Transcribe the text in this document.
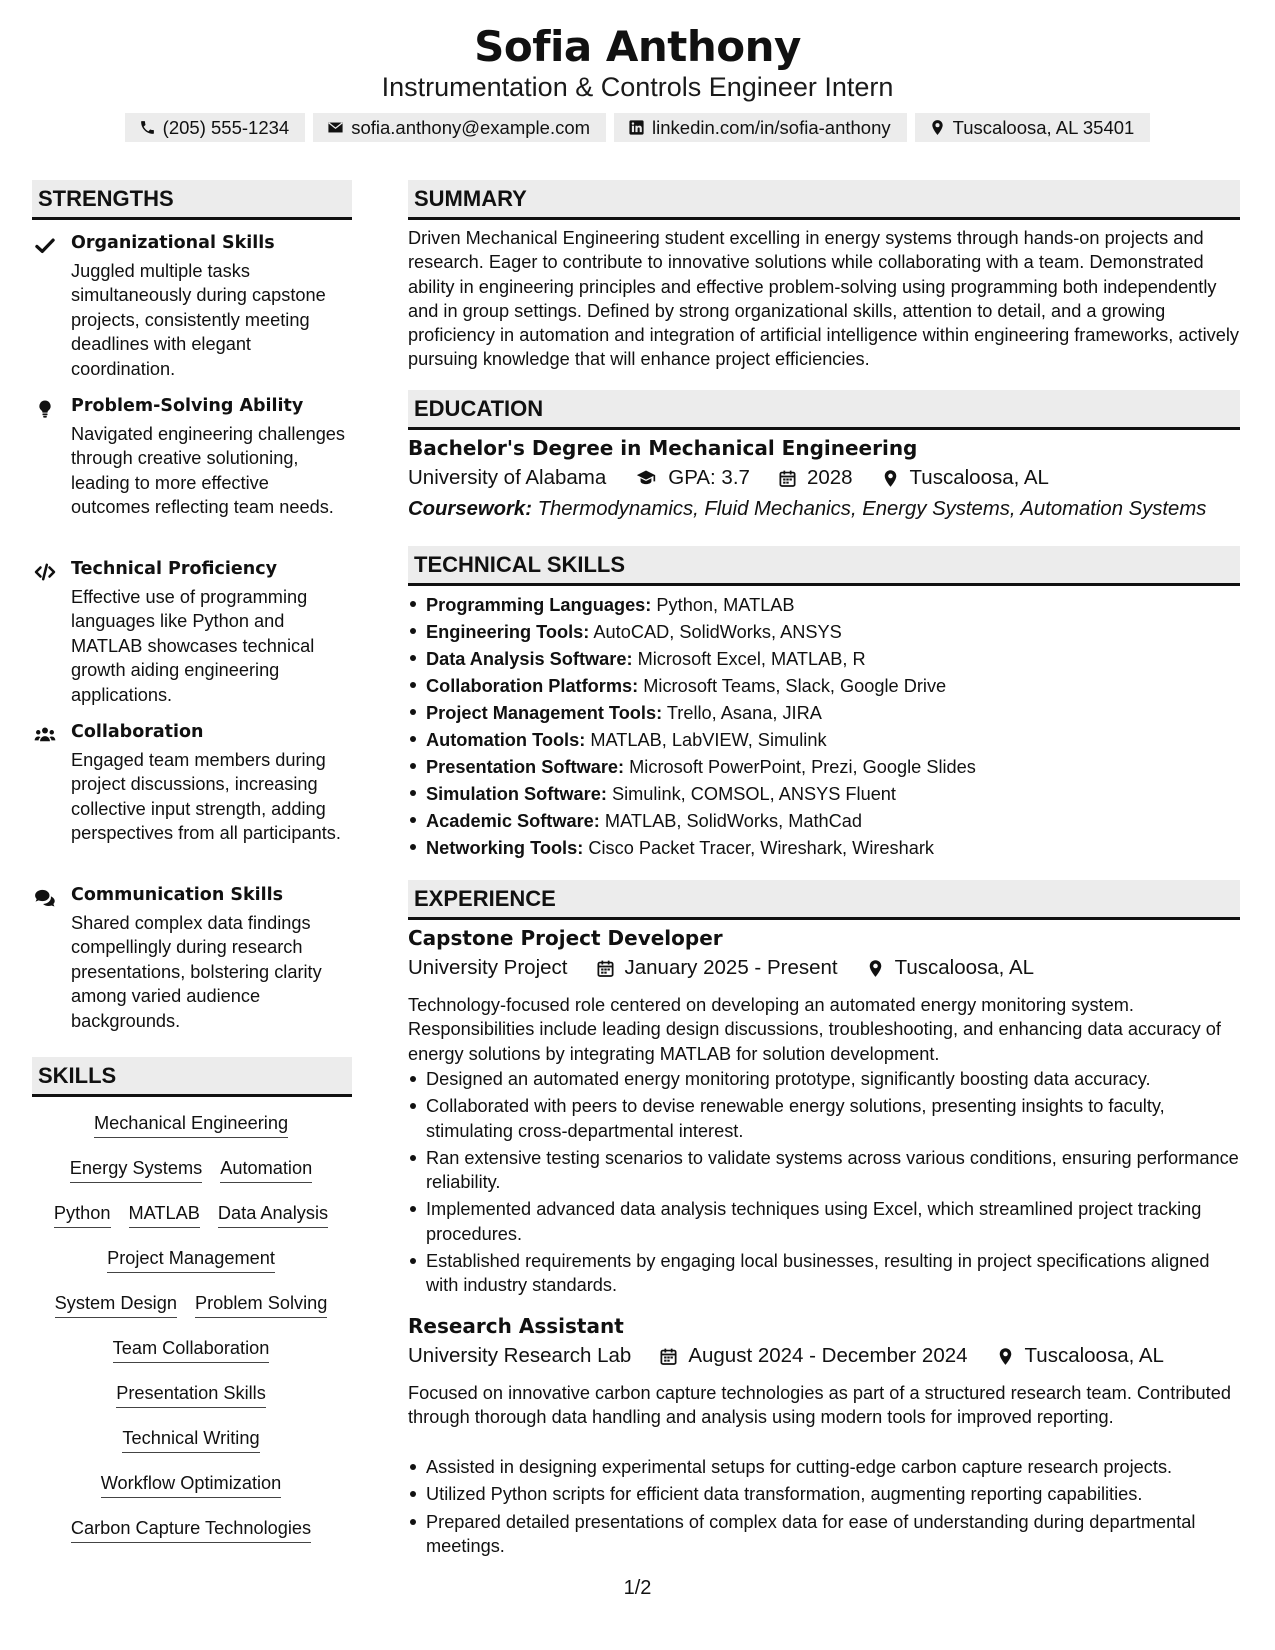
Sofia Anthony
Instrumentation & Controls Engineer Intern
(205) 555-1234	sofia.anthony@example.com	linkedin.com/in/sofia-anthony	Tuscaloosa, AL 35401
STRENGTHS
Organizational Skills
Juggled multiple tasks simultaneously during capstone projects, consistently meeting deadlines with elegant coordination.
Problem-Solving Ability
Navigated engineering challenges through creative solutioning, leading to more effective outcomes reflecting team needs.
Technical Proficiency
Effective use of programming languages like Python and MATLAB showcases technical growth aiding engineering applications.
Collaboration
Engaged team members during project discussions, increasing collective input strength, adding perspectives from all participants.
Communication Skills
Shared complex data findings compellingly during research presentations, bolstering clarity among varied audience backgrounds.
SKILLS
Mechanical Engineering
Energy Systems Automation
Python MATLAB Data Analysis
Project Management
System Design Problem Solving
Team Collaboration
Presentation Skills
Technical Writing
Workflow Optimization
Carbon Capture Technologies
SUMMARY
Driven Mechanical Engineering student excelling in energy systems through hands-on projects and research. Eager to contribute to innovative solutions while collaborating with a team. Demonstrated ability in engineering principles and effective problem-solving using programming both independently and in group settings. Defined by strong organizational skills, attention to detail, and a growing proficiency in automation and integration of artificial intelligence within engineering frameworks, actively pursuing knowledge that will enhance project efficiencies.
EDUCATION
Bachelor's Degree in Mechanical Engineering
University of Alabama	GPA: 3.7	2028	Tuscaloosa, AL
Coursework: Thermodynamics, Fluid Mechanics, Energy Systems, Automation Systems
TECHNICAL SKILLS
Programming Languages: Python, MATLAB
Engineering Tools: AutoCAD, SolidWorks, ANSYS
Data Analysis Software: Microsoft Excel, MATLAB, R
Collaboration Platforms: Microsoft Teams, Slack, Google Drive
Project Management Tools: Trello, Asana, JIRA
Automation Tools: MATLAB, LabVIEW, Simulink
Presentation Software: Microsoft PowerPoint, Prezi, Google Slides
Simulation Software: Simulink, COMSOL, ANSYS Fluent
Academic Software: MATLAB, SolidWorks, MathCad
Networking Tools: Cisco Packet Tracer, Wireshark, Wireshark
EXPERIENCE
Capstone Project Developer
University Project	January 2025 - Present	Tuscaloosa, AL
Technology-focused role centered on developing an automated energy monitoring system. Responsibilities include leading design discussions, troubleshooting, and enhancing data accuracy of energy solutions by integrating MATLAB for solution development.
Designed an automated energy monitoring prototype, significantly boosting data accuracy.
Collaborated with peers to devise renewable energy solutions, presenting insights to faculty, stimulating cross-departmental interest.
Ran extensive testing scenarios to validate systems across various conditions, ensuring performance reliability.
Implemented advanced data analysis techniques using Excel, which streamlined project tracking procedures.
Established requirements by engaging local businesses, resulting in project specifications aligned with industry standards.
Research Assistant
University Research Lab	August 2024 - December 2024	Tuscaloosa, AL
Focused on innovative carbon capture technologies as part of a structured research team. Contributed through thorough data handling and analysis using modern tools for improved reporting.
Assisted in designing experimental setups for cutting-edge carbon capture research projects.
Utilized Python scripts for efficient data transformation, augmenting reporting capabilities.
Prepared detailed presentations of complex data for ease of understanding during departmental meetings.
1/2
